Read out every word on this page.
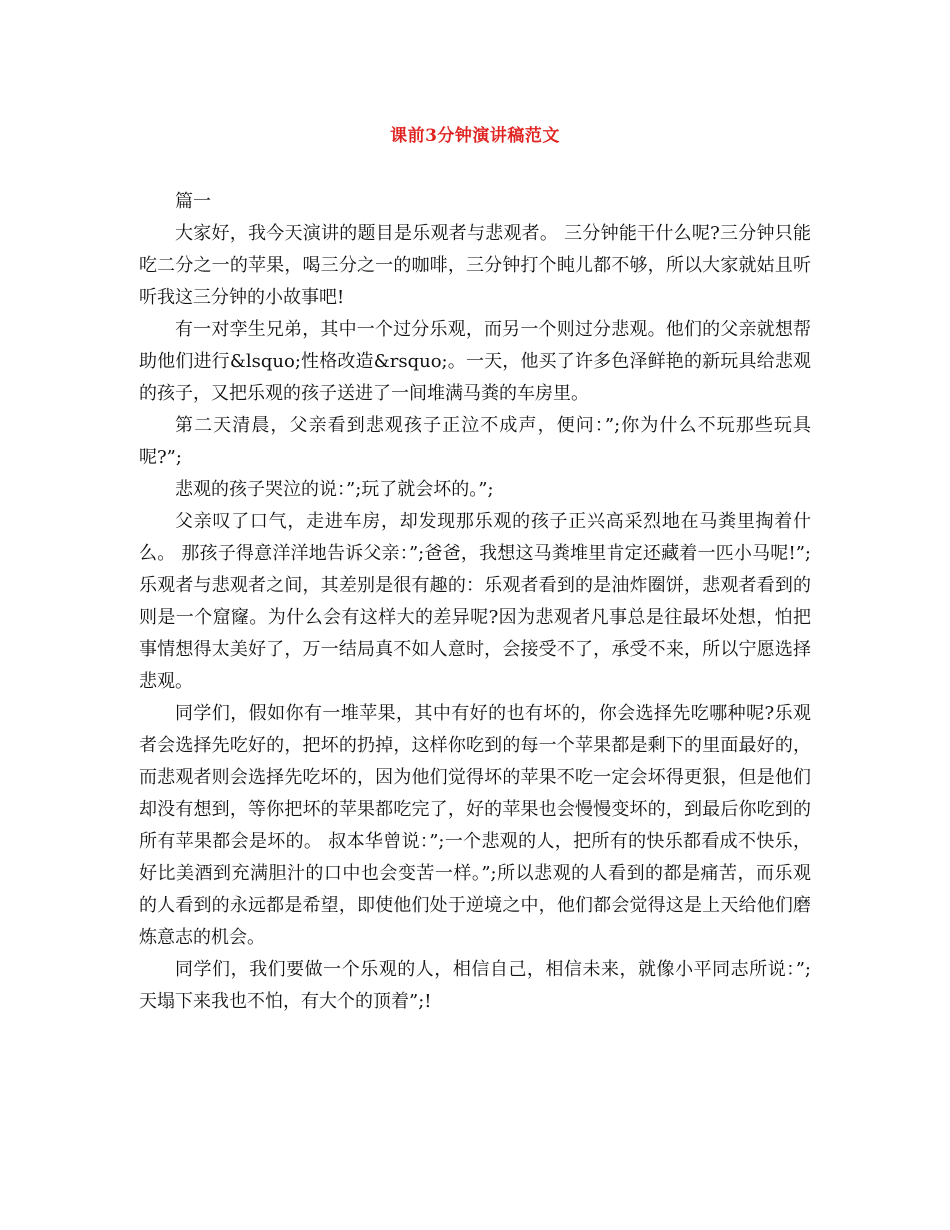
课前3分钟演讲稿范文

篇一

大家好，我今天演讲的题目是乐观者与悲观者。 三分钟能干什么呢?三分钟只能吃二分之一的苹果，喝三分之一的咖啡，三分钟打个盹儿都不够，所以大家就姑且听听我这三分钟的小故事吧!

有一对孪生兄弟，其中一个过分乐观，而另一个则过分悲观。他们的父亲就想帮助他们进行&lsquo;性格改造&rsquo;。一天，他买了许多色泽鲜艳的新玩具给悲观的孩子，又把乐观的孩子送进了一间堆满马粪的车房里。

第二天清晨，父亲看到悲观孩子正泣不成声，便问：”;你为什么不玩那些玩具呢?”;

悲观的孩子哭泣的说：”;玩了就会坏的。”;

父亲叹了口气，走进车房，却发现那乐观的孩子正兴高采烈地在马粪里掏着什么。 那孩子得意洋洋地告诉父亲：”;爸爸，我想这马粪堆里肯定还藏着一匹小马呢!”; 乐观者与悲观者之间，其差别是很有趣的：乐观者看到的是油炸圈饼，悲观者看到的则是一个窟窿。为什么会有这样大的差异呢?因为悲观者凡事总是往最坏处想，怕把事情想得太美好了，万一结局真不如人意时，会接受不了，承受不来，所以宁愿选择悲观。

同学们，假如你有一堆苹果，其中有好的也有坏的，你会选择先吃哪种呢?乐观者会选择先吃好的，把坏的扔掉，这样你吃到的每一个苹果都是剩下的里面最好的，而悲观者则会选择先吃坏的，因为他们觉得坏的苹果不吃一定会坏得更狠，但是他们却没有想到，等你把坏的苹果都吃完了，好的苹果也会慢慢变坏的，到最后你吃到的所有苹果都会是坏的。 叔本华曾说：”;一个悲观的人，把所有的快乐都看成不快乐，好比美酒到充满胆汁的口中也会变苦一样。”;所以悲观的人看到的都是痛苦，而乐观的人看到的永远都是希望，即使他们处于逆境之中，他们都会觉得这是上天给他们磨炼意志的机会。

同学们，我们要做一个乐观的人，相信自己，相信未来，就像小平同志所说：”;天塌下来我也不怕，有大个的顶着”;!
